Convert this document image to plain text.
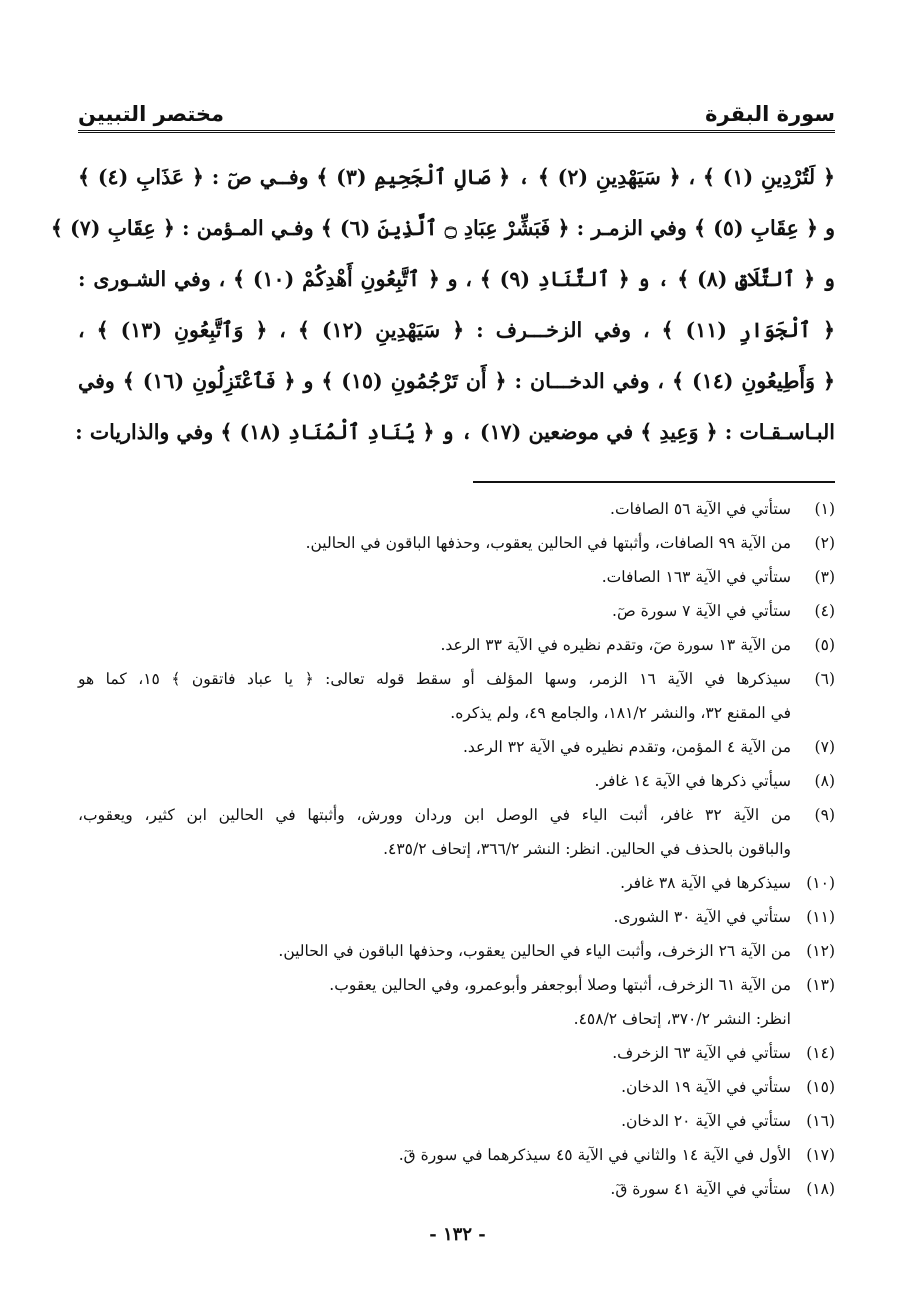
سورة البقرة
مختصر التبيين
﴿ لَتُرْدِينِ (١) ﴾ ، ﴿ سَيَهْدِينِ (٢) ﴾ ، ﴿ صَالِ ٱلْجَحِيمِ (٣) ﴾ وفــي صٓ : ﴿ عَذَابِ (٤) ﴾
و ﴿ عِقَابِ (٥) ﴾ وفي الزمـر : ﴿ فَبَشِّرْ عِبَادِ ۝ ٱلَّذِينَ (٦) ﴾ وفـي المـؤمن : ﴿ عِقَابِ (٧) ﴾
و ﴿ ٱلتَّلَاقِ (٨) ﴾ ، و ﴿ ٱلتَّنَادِ (٩) ﴾ ، و ﴿ ٱتَّبِعُونِ أَهْدِكُمْ (١٠) ﴾ ، وفي الشـورى :
﴿ ٱلْجَوَارِ (١١) ﴾ ، وفي الزخـــرف : ﴿ سَيَهْدِينِ (١٢) ﴾ ، ﴿ وَٱتَّبِعُونِ (١٣) ﴾ ،
﴿ وَأَطِيعُونِ (١٤) ﴾ ، وفي الدخـــان : ﴿ أَن تَرْجُمُونِ (١٥) ﴾ و ﴿ فَٱعْتَزِلُونِ (١٦) ﴾ وفي
البـاسـقـات : ﴿ وَعِيدِ ﴾ في موضعين (١٧) ، و ﴿ يُنَادِ ٱلْمُنَادِ (١٨) ﴾ وفي والذاريات :
(١)
ستأتي في الآية ٥٦ الصافات.
(٢)
من الآية ٩٩ الصافات، وأثبتها في الحالين يعقوب، وحذفها الباقون في الحالين.
(٣)
ستأتي في الآية ١٦٣ الصافات.
(٤)
ستأتي في الآية ٧ سورة صٓ.
(٥)
من الآية ١٣ سورة صٓ، وتقدم نظيره في الآية ٣٣ الرعد.
(٦)
سيذكرها في الآية ١٦ الزمر، وسها المؤلف أو سقط قوله تعالى: ﴿ يا عباد فاتقون ﴾ ١٥، كما هو
في المقنع ٣٢، والنشر ١٨١/٢، والجامع ٤٩، ولم يذكره.
(٧)
من الآية ٤ المؤمن، وتقدم نظيره في الآية ٣٢ الرعد.
(٨)
سيأتي ذكرها في الآية ١٤ غافر.
(٩)
من الآية ٣٢ غافر، أثبت الياء في الوصل ابن وردان وورش، وأثبتها في الحالين ابن كثير، ويعقوب،
والباقون بالحذف في الحالين. انظر: النشر ٣٦٦/٢، إتحاف ٤٣٥/٢.
(١٠)
سيذكرها في الآية ٣٨ غافر.
(١١)
ستأتي في الآية ٣٠ الشورى.
(١٢)
من الآية ٢٦ الزخرف، وأثبت الياء في الحالين يعقوب، وحذفها الباقون في الحالين.
(١٣)
من الآية ٦١ الزخرف، أثبتها وصلا أبوجعفر وأبوعمرو، وفي الحالين يعقوب.
انظر: النشر ٣٧٠/٢، إتحاف ٤٥٨/٢.
(١٤)
ستأتي في الآية ٦٣ الزخرف.
(١٥)
ستأتي في الآية ١٩ الدخان.
(١٦)
ستأتي في الآية ٢٠ الدخان.
(١٧)
الأول في الآية ١٤ والثاني في الآية ٤٥ سيذكرهما في سورة قٓ.
(١٨)
ستأتي في الآية ٤١ سورة قٓ.
- ١٣٢ -
